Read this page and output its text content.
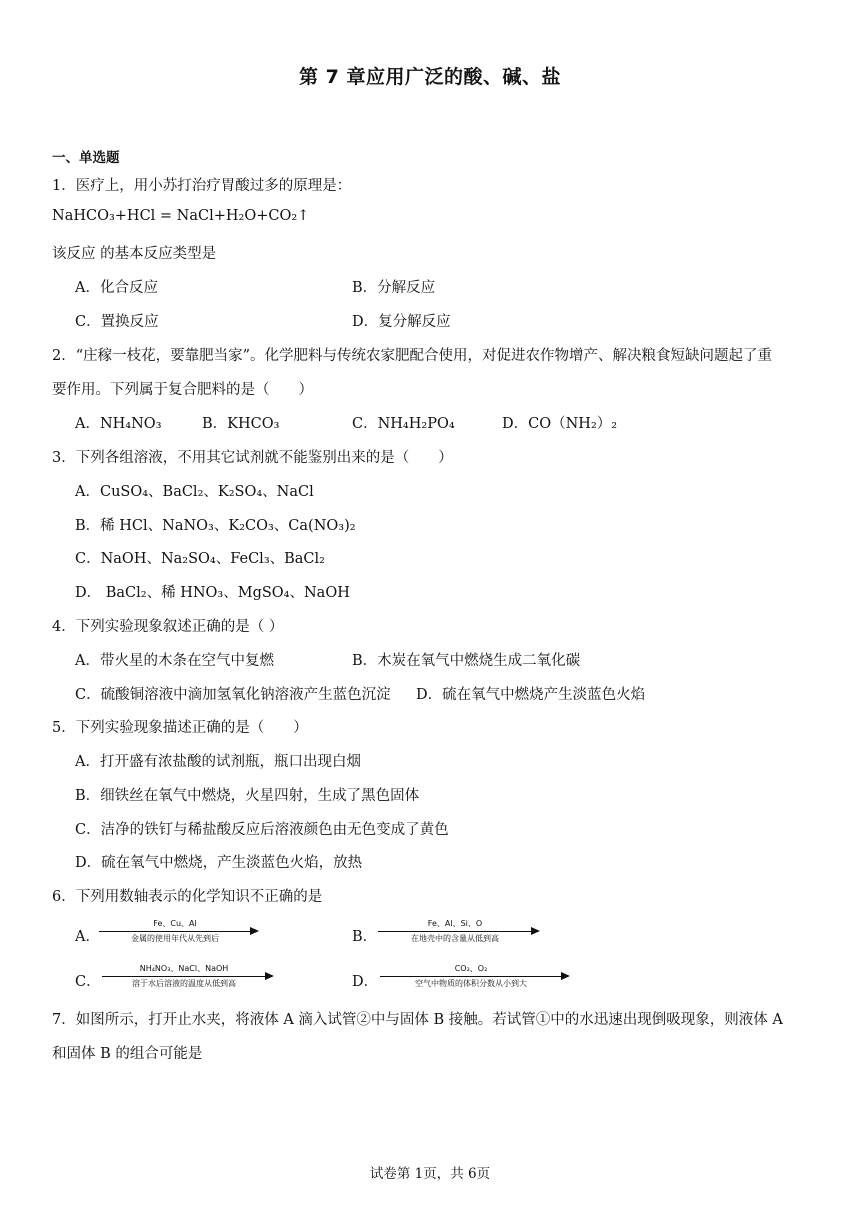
第 7 章应用广泛的酸、碱、盐
一、单选题
1．医疗上，用小苏打治疗胃酸过多的原理是：
NaHCO₃+HCl = NaCl+H₂O+CO₂↑
该反应 的基本反应类型是
A．化合反应	B．分解反应
C．置换反应	D．复分解反应
2．“庄稼一枝花，要靠肥当家”。化学肥料与传统农家肥配合使用，对促进农作物增产、解决粮食短缺问题起了重
要作用。下列属于复合肥料的是（　　）
A．NH₄NO₃	B．KHCO₃	C．NH₄H₂PO₄	D．CO（NH₂）₂
3．下列各组溶液，不用其它试剂就不能鉴别出来的是（　　）
A．CuSO₄、BaCl₂、K₂SO₄、NaCl
B．稀 HCl、NaNO₃、K₂CO₃、Ca(NO₃)₂
C．NaOH、Na₂SO₄、FeCl₃、BaCl₂
D． BaCl₂、稀 HNO₃、MgSO₄、NaOH
4．下列实验现象叙述正确的是（ ）
A．带火星的木条在空气中复燃	B．木炭在氧气中燃烧生成二氧化碳
C．硫酸铜溶液中滴加氢氧化钠溶液产生蓝色沉淀 D．硫在氧气中燃烧产生淡蓝色火焰
5．下列实验现象描述正确的是（　　）
A．打开盛有浓盐酸的试剂瓶，瓶口出现白烟
B．细铁丝在氧气中燃烧，火星四射，生成了黑色固体
C．洁净的铁钉与稀盐酸反应后溶液颜色由无色变成了黄色
D．硫在氧气中燃烧，产生淡蓝色火焰，放热
6．下列用数轴表示的化学知识不正确的是
A．
Fe、Cu、Al
金属的使用年代从先到后	B．
Fe、Al、Si、O
在地壳中的含量从低到高
C．
NH₄NO₃、NaCl、NaOH
溶于水后溶液的温度从低到高	D．
CO₂、O₂
空气中物质的体积分数从小到大
7．如图所示，打开止水夹，将液体 A 滴入试管②中与固体 B 接触。若试管①中的水迅速出现倒吸现象，则液体 A
和固体 B 的组合可能是
试卷第 1页，共 6页
